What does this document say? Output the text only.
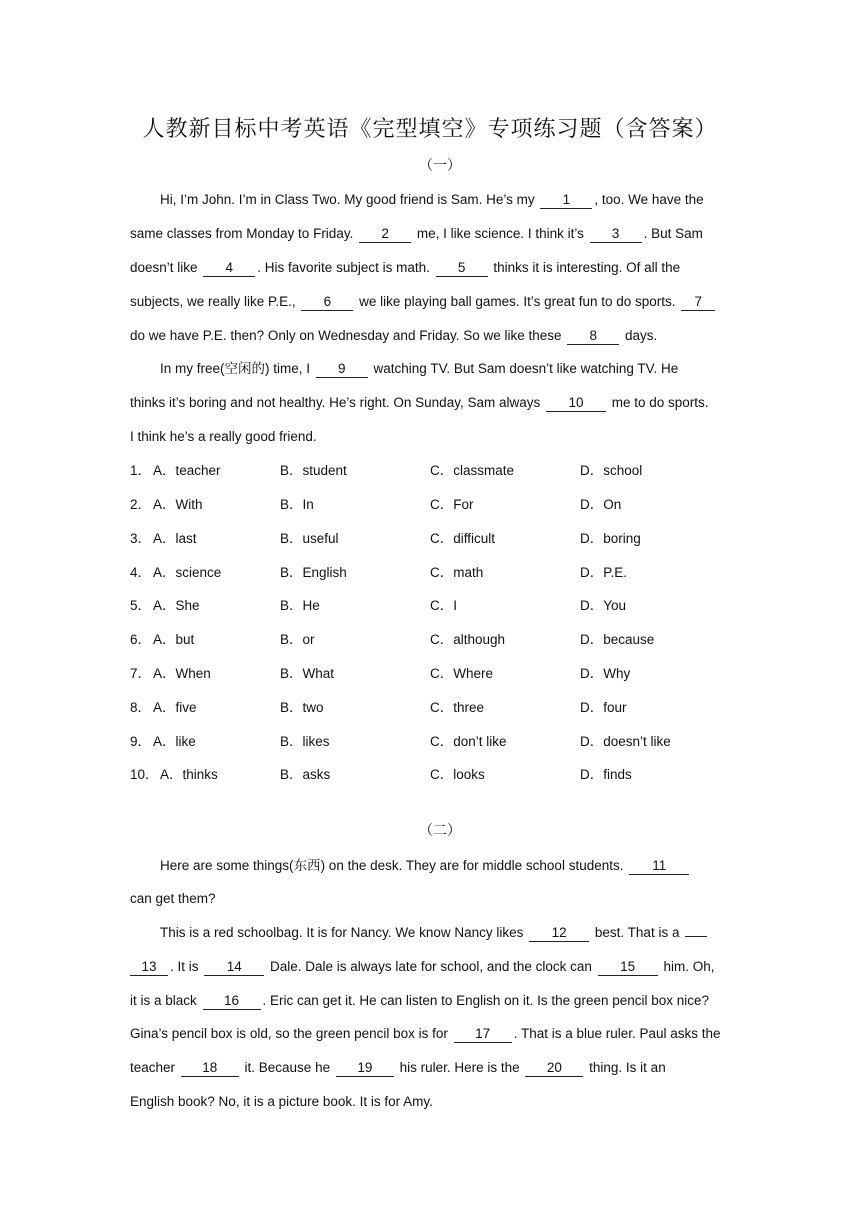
人教新目标中考英语《完型填空》专项练习题（含答案）
（一）
Hi, I’m John. I’m in Class Two. My good friend is Sam. He’s my 1 , too. We have the
same classes from Monday to Friday. 2 me, I like science. I think it’s 3 . But Sam
doesn’t like 4 . His favorite subject is math. 5 thinks it is interesting. Of all the
subjects, we really like P.E., 6 we like playing ball games. It’s great fun to do sports. 7
do we have P.E. then? Only on Wednesday and Friday. So we like these 8 days.
In my free(空闲的) time, I 9 watching TV. But Sam doesn’t like watching TV. He
thinks it’s boring and not healthy. He’s right. On Sunday, Sam always 10 me to do sports.
I think he’s a really good friend.
1． A．teacher	B．student	C．classmate	D．school
2． A．With	B．In	C．For	D．On
3． A．last	B．useful	C．difficult	D．boring
4． A．science	B．English	C．math	D．P.E.
5． A．She	B．He	C．I	D．You
6． A．but	B．or	C．although	D．because
7． A．When	B．What	C．Where	D．Why
8． A．five	B．two	C．three	D．four
9． A．like	B．likes	C．don’t like	D．doesn’t like
10． A．thinks	B．asks	C．looks	D．finds
（二）
Here are some things(东西) on the desk. They are for middle school students. 11
can get them?
This is a red schoolbag. It is for Nancy. We know Nancy likes 12 best. That is a
13 . It is 14 Dale. Dale is always late for school, and the clock can 15 him. Oh,
it is a black 16 . Eric can get it. He can listen to English on it. Is the green pencil box nice?
Gina’s pencil box is old, so the green pencil box is for 17 . That is a blue ruler. Paul asks the
teacher 18 it. Because he 19 his ruler. Here is the 20 thing. Is it an
English book? No, it is a picture book. It is for Amy.
